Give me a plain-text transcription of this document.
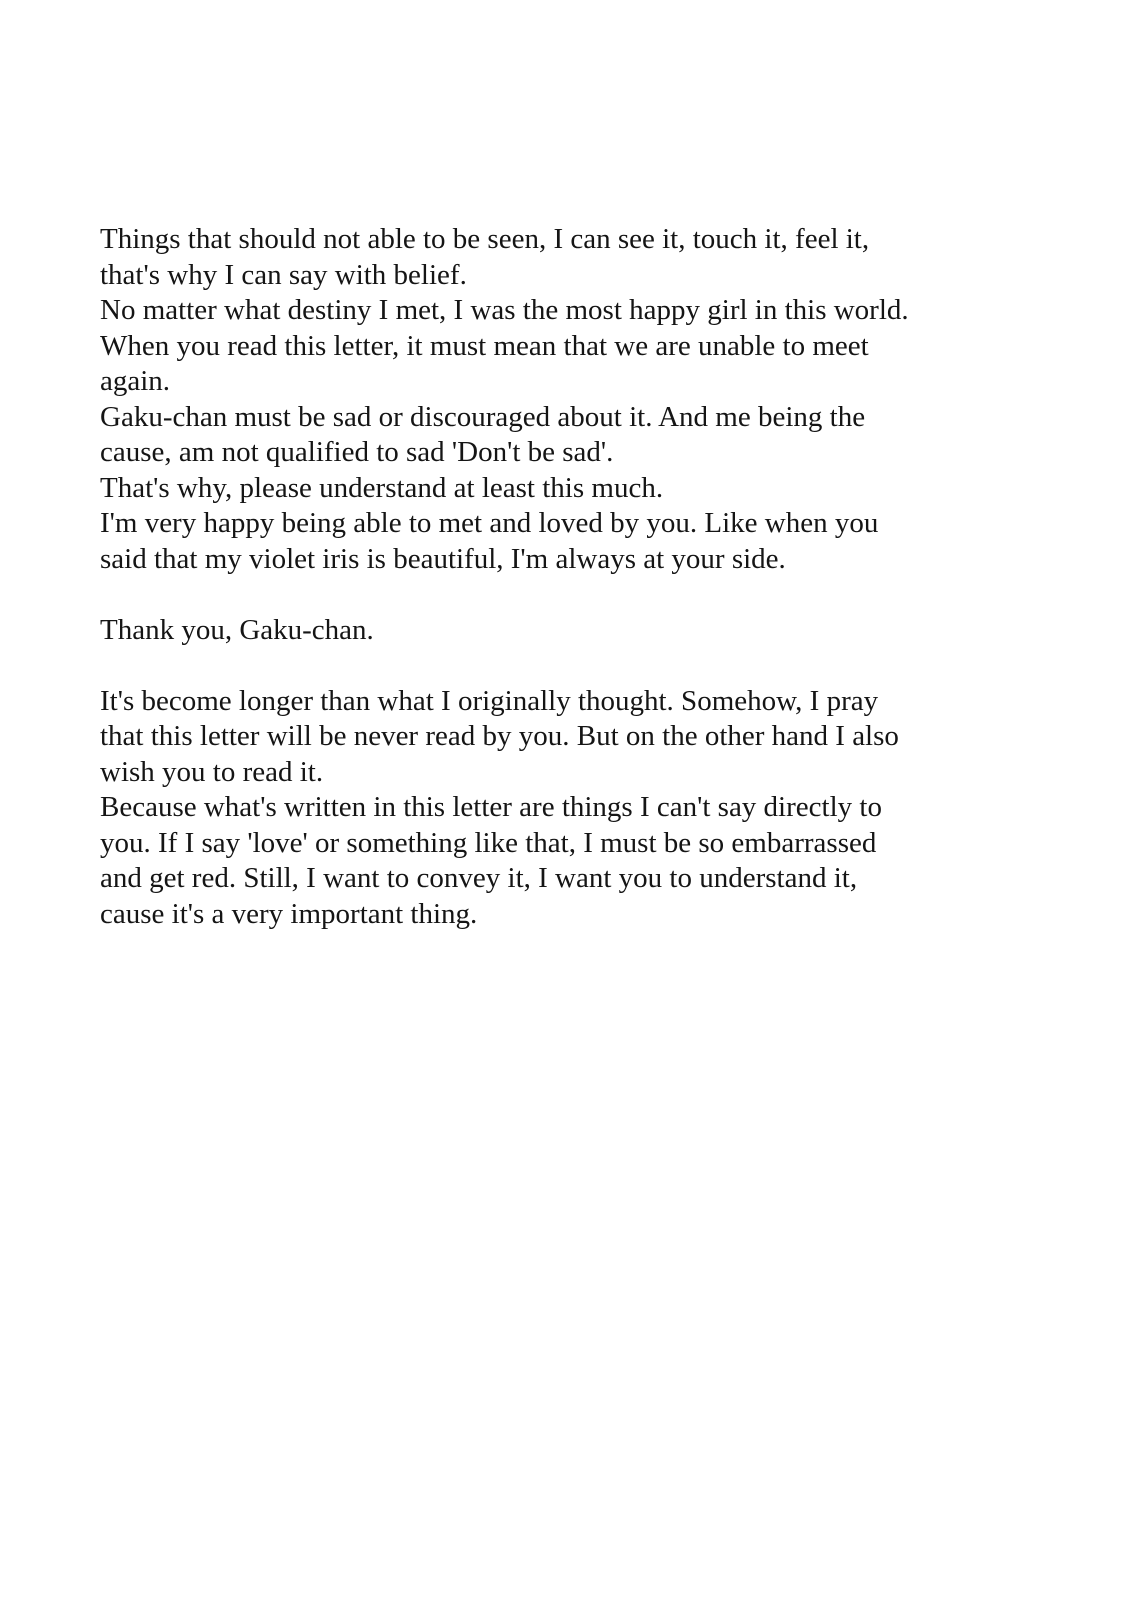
Things that should not able to be seen, I can see it, touch it, feel it,
that's why I can say with belief.
No matter what destiny I met, I was the most happy girl in this world.
When you read this letter, it must mean that we are unable to meet
again.
Gaku-chan must be sad or discouraged about it. And me being the
cause, am not qualified to sad 'Don't be sad'.
That's why, please understand at least this much.
I'm very happy being able to met and loved by you. Like when you
said that my violet iris is beautiful, I'm always at your side.
Thank you, Gaku-chan.
It's become longer than what I originally thought. Somehow, I pray
that this letter will be never read by you. But on the other hand I also
wish you to read it.
Because what's written in this letter are things I can't say directly to
you. If I say 'love' or something like that, I must be so embarrassed
and get red. Still, I want to convey it, I want you to understand it,
cause it's a very important thing.
